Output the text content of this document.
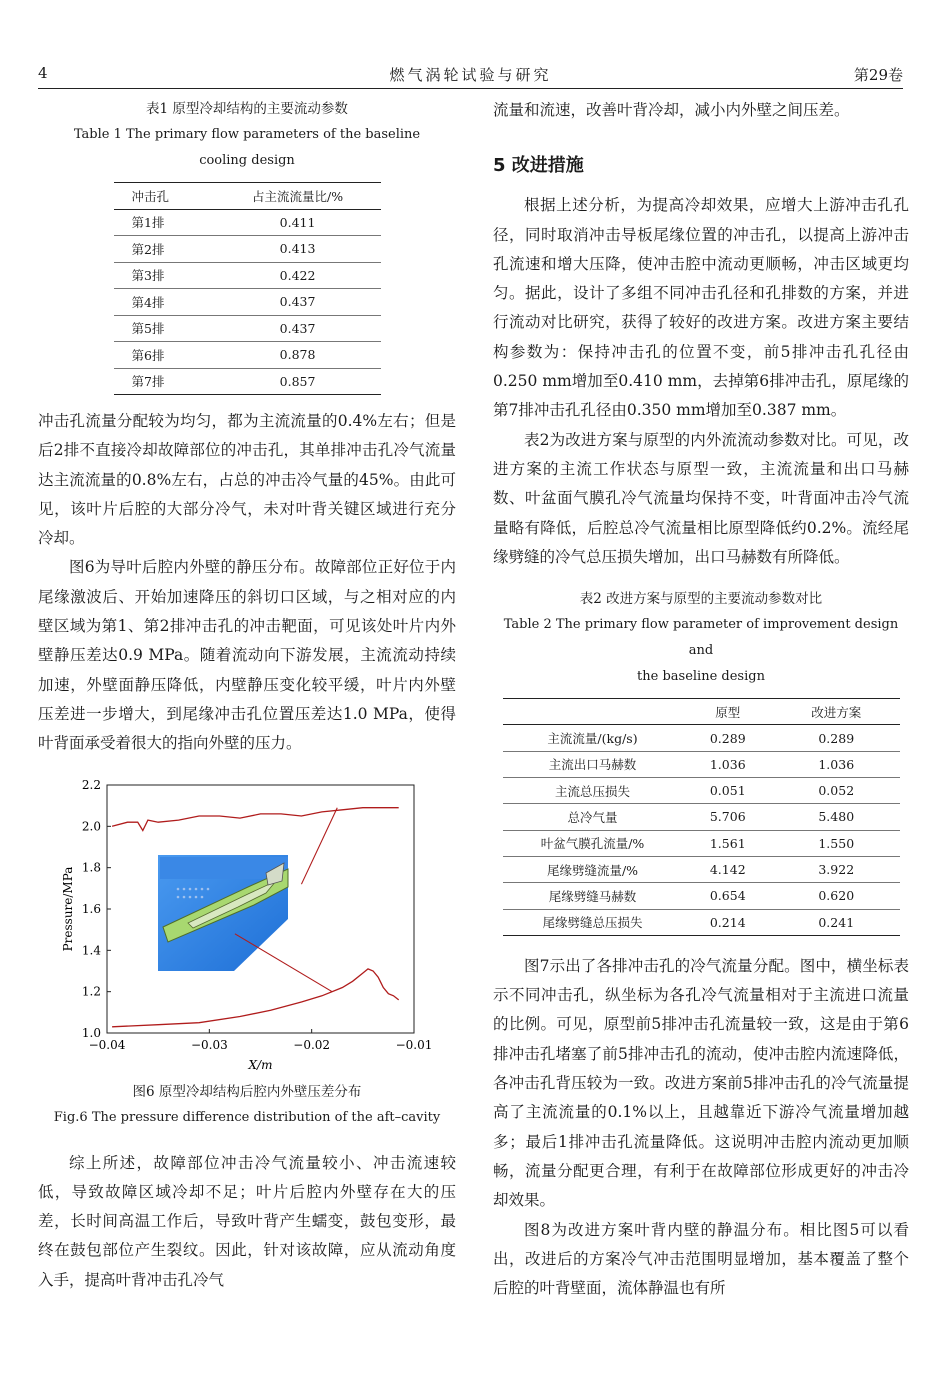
4	燃气涡轮试验与研究	第29卷
表1 原型冷却结构的主要流动参数
Table 1 The primary flow parameters of the baseline
cooling design
冲击孔	占主流流量比/%
第1排	0.411
第2排	0.413
第3排	0.422
第4排	0.437
第5排	0.437
第6排	0.878
第7排	0.857

冲击孔流量分配较为均匀，都为主流流量的0.4%左右；但是后2排不直接冷却故障部位的冲击孔，其单排冲击孔冷气流量达主流流量的0.8%左右，占总的冲击冷气量的45%。由此可见，该叶片后腔的大部分冷气，未对叶背关键区域进行充分冷却。

图6为导叶后腔内外壁的静压分布。故障部位正好位于内尾缘激波后、开始加速降压的斜切口区域，与之相对应的内壁区域为第1、第2排冲击孔的冲击靶面，可见该处叶片内外壁静压差达0.9 MPa。随着流动向下游发展，主流流动持续加速，外壁面静压降低，内壁静压变化较平缓，叶片内外壁压差进一步增大，到尾缘冲击孔位置压差达1.0 MPa，使得叶背面承受着很大的指向外壁的压力。

1.0
1.2
1.4
1.6
1.8
2.0
2.2
−0.04	−0.03	−0.02	−0.01
X/m
Pressure/MPa
图6 原型冷却结构后腔内外壁压差分布
Fig.6 The pressure difference distribution of the aft–cavity

综上所述，故障部位冲击冷气流量较小、冲击流速较低，导致故障区域冷却不足；叶片后腔内外壁存在大的压差，长时间高温工作后，导致叶背产生蠕变，鼓包变形，最终在鼓包部位产生裂纹。因此，针对该故障，应从流动角度入手，提高叶背冲击孔冷气

流量和流速，改善叶背冷却，减小内外壁之间压差。

5 改进措施

根据上述分析，为提高冷却效果，应增大上游冲击孔孔径，同时取消冲击导板尾缘位置的冲击孔，以提高上游冲击孔流速和增大压降，使冲击腔中流动更顺畅，冲击区域更均匀。据此，设计了多组不同冲击孔径和孔排数的方案，并进行流动对比研究，获得了较好的改进方案。改进方案主要结构参数为：保持冲击孔的位置不变，前5排冲击孔孔径由0.250 mm增加至0.410 mm，去掉第6排冲击孔，原尾缘的第7排冲击孔孔径由0.350 mm增加至0.387 mm。

表2为改进方案与原型的内外流流动参数对比。可见，改进方案的主流工作状态与原型一致，主流流量和出口马赫数、叶盆面气膜孔冷气流量均保持不变，叶背面冲击冷气流量略有降低，后腔总冷气流量相比原型降低约0.2%。流经尾缘劈缝的冷气总压损失增加，出口马赫数有所降低。

表2 改进方案与原型的主要流动参数对比
Table 2 The primary flow parameter of improvement design and
the baseline design
	原型	改进方案
主流流量/(kg/s)	0.289	0.289
主流出口马赫数	1.036	1.036
主流总压损失	0.051	0.052
总冷气量	5.706	5.480
叶盆气膜孔流量/%	1.561	1.550
尾缘劈缝流量/%	4.142	3.922
尾缘劈缝马赫数	0.654	0.620
尾缘劈缝总压损失	0.214	0.241

图7示出了各排冲击孔的冷气流量分配。图中，横坐标表示不同冲击孔，纵坐标为各孔冷气流量相对于主流进口流量的比例。可见，原型前5排冲击孔流量较一致，这是由于第6排冲击孔堵塞了前5排冲击孔的流动，使冲击腔内流速降低，各冲击孔背压较为一致。改进方案前5排冲击孔的冷气流量提高了主流流量的0.1%以上，且越靠近下游冷气流量增加越多；最后1排冲击孔流量降低。这说明冲击腔内流动更加顺畅，流量分配更合理，有利于在故障部位形成更好的冲击冷却效果。

图8为改进方案叶背内壁的静温分布。相比图5可以看出，改进后的方案冷气冲击范围明显增加，基本覆盖了整个后腔的叶背壁面，流体静温也有所
